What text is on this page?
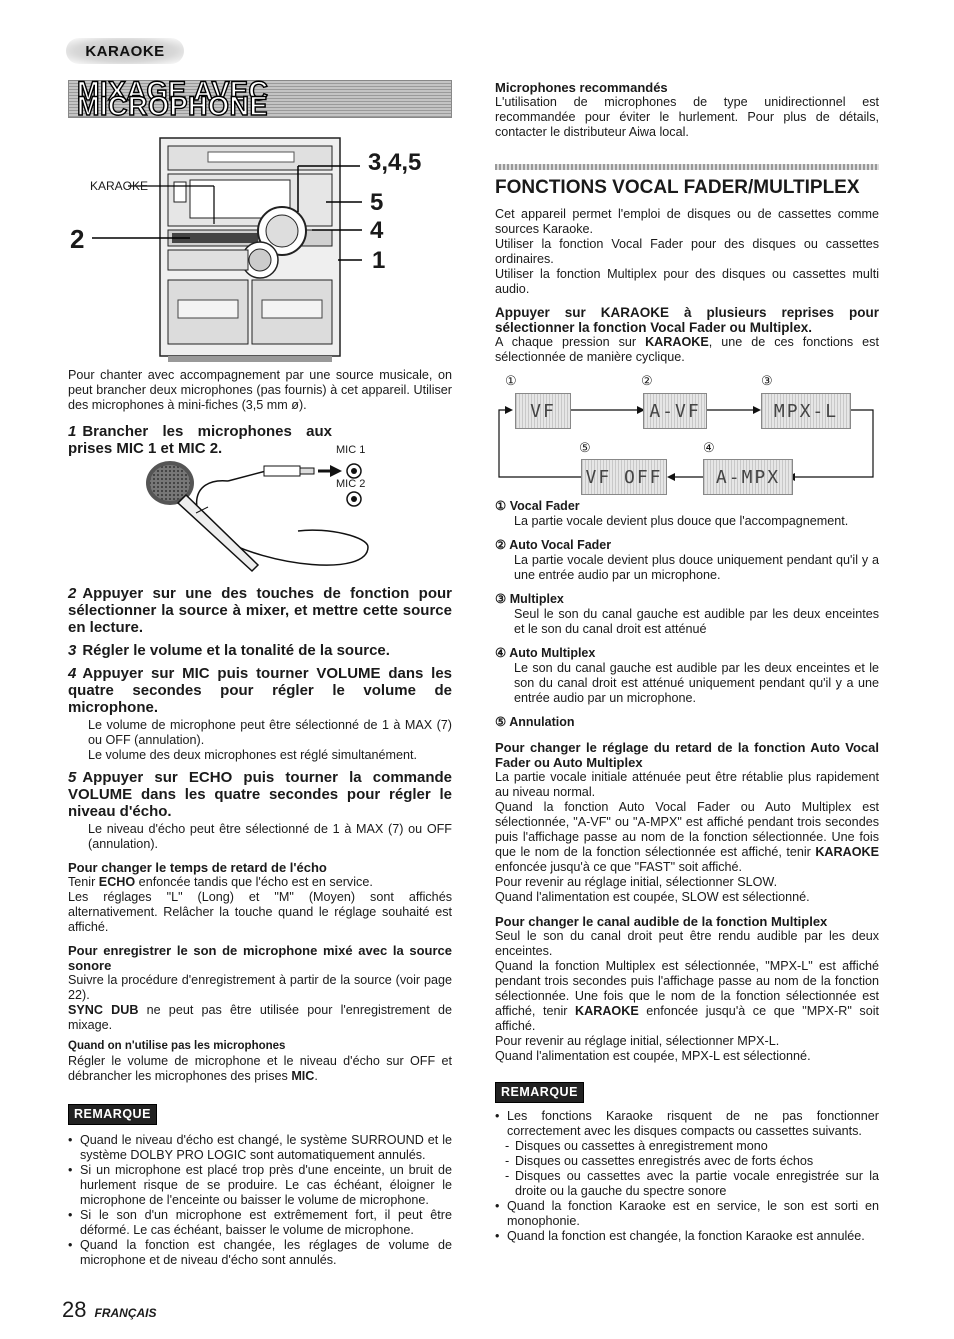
KARAOKE
MIXAGE AVEC MICROPHONE
KARAOKE
3,4,5
5
4
1
2

Pour chanter avec accompagnement par une source musicale, on peut brancher deux microphones (pas fournis) à cet appareil. Utiliser des microphones à mini-fiches (3,5 mm ø).

1 Brancher les microphones aux prises MIC 1 et MIC 2.	MIC 1
MIC 2
2 Appuyer sur une des touches de fonction pour sélectionner la source à mixer, et mettre cette source en lecture.
3 Régler le volume et la tonalité de la source.
4 Appuyer sur MIC puis tourner VOLUME dans les quatre secondes pour régler le volume de microphone.

Le volume de microphone peut être sélectionné de 1 à MAX (7) ou OFF (annulation).

Le volume des deux microphones est réglé simultanément.

5 Appuyer sur ECHO puis tourner la commande VOLUME dans les quatre secondes pour régler le niveau d'écho.

Le niveau d'écho peut être sélectionné de 1 à MAX (7) ou OFF (annulation).

Pour changer le temps de retard de l'écho

Tenir ECHO enfoncée tandis que l'écho est en service.

Les réglages "L" (Long) et "M" (Moyen) sont affichés alternativement. Relâcher la touche quand le réglage souhaité est affiché.

Pour enregistrer le son de microphone mixé avec la source sonore

Suivre la procédure d'enregistrement à partir de la source (voir page 22).

SYNC DUB ne peut pas être utilisée pour l'enregistrement de mixage.

Quand on n'utilise pas les microphones

Régler le volume de microphone et le niveau d'écho sur OFF et débrancher les microphones des prises MIC.

REMARQUE

• Quand le niveau d'écho est changé, le système SURROUND et le système DOLBY PRO LOGIC sont automatiquement annulés.

• Si un microphone est placé trop près d'une enceinte, un bruit de hurlement risque de se produire. Le cas échéant, éloigner le microphone de l'enceinte ou baisser le volume de microphone.

• Si le son d'un microphone est extrêmement fort, il peut être déformé. Le cas échéant, baisser le volume de microphone.

• Quand la fonction est changée, les réglages de volume de microphone et de niveau d'écho sont annulés.

28 FRANÇAIS

Microphones recommandés

L'utilisation de microphones de type unidirectionnel est recommandée pour éviter le hurlement. Pour plus de détails, contacter le distributeur Aiwa local.

FONCTIONS VOCAL FADER/MULTIPLEX

Cet appareil permet l'emploi de disques ou de cassettes comme sources Karaoke.

Utiliser la fonction Vocal Fader pour des disques ou cassettes ordinaires.

Utiliser la fonction Multiplex pour des disques ou cassettes multi audio.

Appuyer sur KARAOKE à plusieurs reprises pour sélectionner la fonction Vocal Fader ou Multiplex.

A chaque pression sur KARAOKE, une de ces fonctions est sélectionnée de manière cyclique.

①	②	③
⑤	④
VF	A-VF	MPX-L
VF OFF	A-MPX

① Vocal Fader

La partie vocale devient plus douce que l'accompagnement.

② Auto Vocal Fader

La partie vocale devient plus douce uniquement pendant qu'il y a une entrée audio par un microphone.

③ Multiplex

Seul le son du canal gauche est audible par les deux enceintes et le son du canal droit est atténué

④ Auto Multiplex

Le son du canal gauche est audible par les deux enceintes et le son du canal droit est atténué uniquement pendant qu'il y a une entrée audio par un microphone.

⑤ Annulation

Pour changer le réglage du retard de la fonction Auto Vocal Fader ou Auto Multiplex

La partie vocale initiale atténuée peut être rétablie plus rapidement au niveau normal.

Quand la fonction Auto Vocal Fader ou Auto Multiplex est sélectionnée, "A-VF" ou "A-MPX" est affiché pendant trois secondes puis l'affichage passe au nom de la fonction sélectionnée. Une fois que le nom de la fonction sélectionnée est affiché, tenir KARAOKE enfoncée jusqu'à ce que "FAST" soit affiché.

Pour revenir au réglage initial, sélectionner SLOW.

Quand l'alimentation est coupée, SLOW est sélectionné.

Pour changer le canal audible de la fonction Multiplex

Seul le son du canal droit peut être rendu audible par les deux enceintes.

Quand la fonction Multiplex est sélectionnée, "MPX-L" est affiché pendant trois secondes puis l'affichage passe au nom de la fonction sélectionnée. Une fois que le nom de la fonction sélectionnée est affiché, tenir KARAOKE enfoncée jusqu'à ce que "MPX-R" soit affiché.

Pour revenir au réglage initial, sélectionner MPX-L.

Quand l'alimentation est coupée, MPX-L est sélectionné.

REMARQUE

• Les fonctions Karaoke risquent de ne pas fonctionner correctement avec les disques compacts ou cassettes suivants.

- Disques ou cassettes à enregistrement mono

- Disques ou cassettes enregistrés avec de forts échos

- Disques ou cassettes avec la partie vocale enregistrée sur la droite ou la gauche du spectre sonore

• Quand la fonction Karaoke est en service, le son est sorti en monophonie.

• Quand la fonction est changée, la fonction Karaoke est annulée.
